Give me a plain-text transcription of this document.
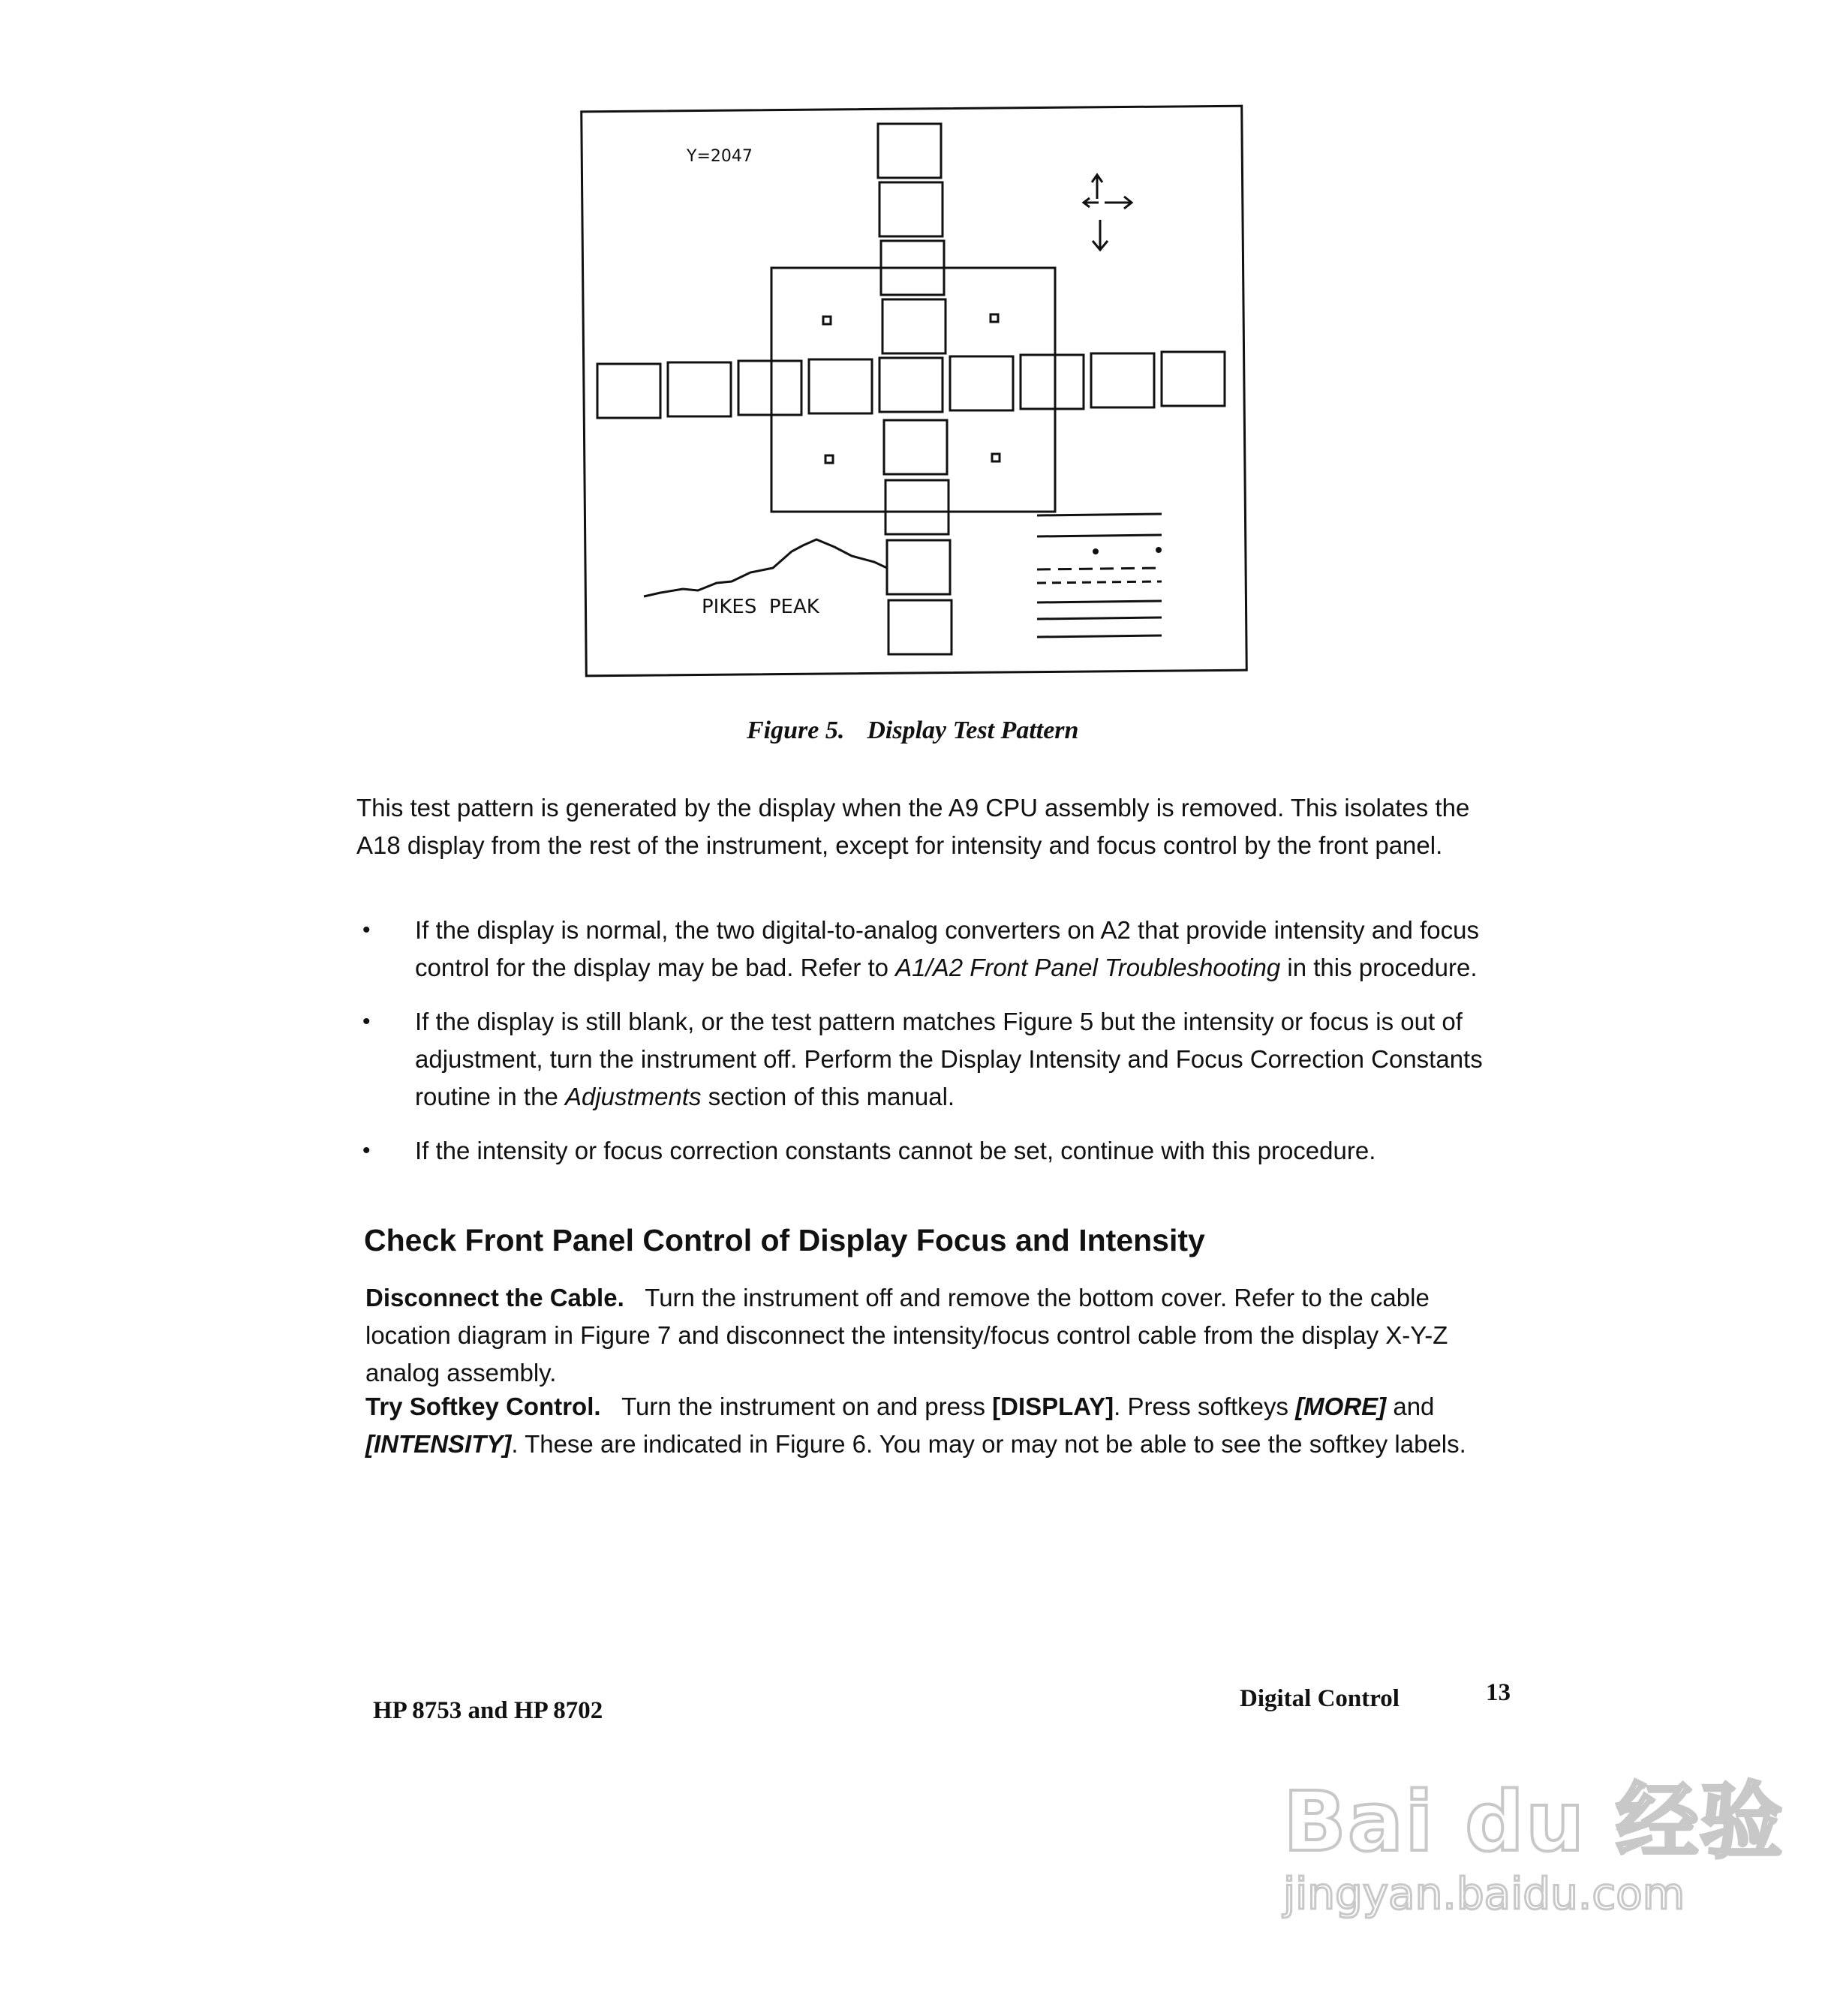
Y=2047
PIKES  PEAK
Figure 5. Display Test Pattern

This test pattern is generated by the display when the A9 CPU assembly is removed. This isolates the A18 display from the rest of the instrument, except for intensity and focus control by the front panel.

• If the display is normal, the two digital-to-analog converters on A2 that provide intensity and focus control for the display may be bad. Refer to A1/A2 Front Panel Troubleshooting in this procedure.
• If the display is still blank, or the test pattern matches Figure 5 but the intensity or focus is out of adjustment, turn the instrument off. Perform the Display Intensity and Focus Correction Constants routine in the Adjustments section of this manual.
• If the intensity or focus correction constants cannot be set, continue with this procedure.
Check Front Panel Control of Display Focus and Intensity

Disconnect the Cable. Turn the instrument off and remove the bottom cover. Refer to the cable location diagram in Figure 7 and disconnect the intensity/focus control cable from the display X-Y-Z analog assembly.

Try Softkey Control. Turn the instrument on and press [DISPLAY]. Press softkeys [MORE] and [INTENSITY]. These are indicated in Figure 6. You may or may not be able to see the softkey labels.

HP 8753 and HP 8702	Digital Control	13
Bai du 经验
jingyan.baidu.com
